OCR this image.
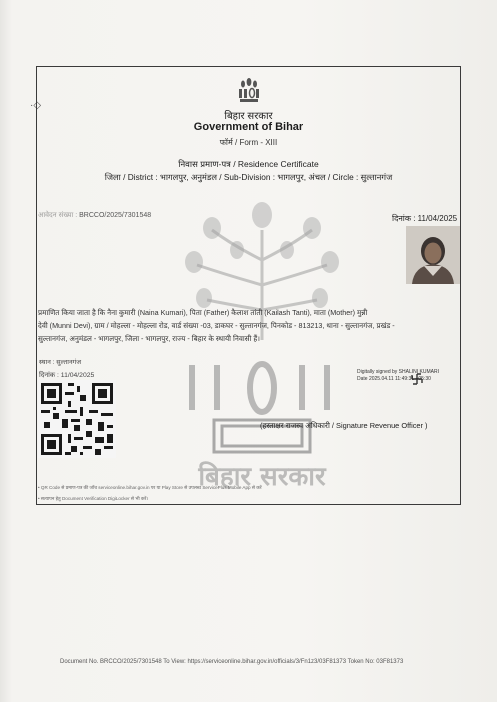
·◇
बिहार सरकार
बिहार सरकार
Government of Bihar
फॉर्म / Form - XIII
निवास प्रमाण-पत्र / Residence Certificate
जिला / District : भागलपुर, अनुमंडल / Sub-Division : भागलपुर, अंचल / Circle : सुल्तानगंज
आवेदन संख्या : BRCCO/2025/7301548	दिनांक : 11/04/2025
प्रमाणित किया जाता है कि नैना कुमारी (Naina Kumari), पिता (Father) कैलाश तांती (Kailash Tanti), माता (Mother) मुन्नी
देवी (Munni Devi), ग्राम / मोहल्ला - मोहल्ला रोड, वार्ड संख्या -03, डाकघर - सुल्तानगंज, पिनकोड - 813213, थाना - सुल्तानगंज, प्रखंड -
सुल्तानगंज, अनुमंडल - भागलपुर, जिला - भागलपुर, राज्य - बिहार के स्थायी निवासी हैं।
स्थान : सुल्तानगंज
दिनांक : 11/04/2025	Digitally signed by SHALINI KUMARI
Date 2025.04.11 11:49:31 +05:30
(हस्ताक्षर राजस्व अधिकारी / Signature Revenue Officer )
• QR Code से प्रमाण-पत्र की जाँच serviceonline.bihar.gov.in पर या Play Store से उपलब्ध ServicePlus Mobile App से करें
• सत्यापन हेतु Document Verification DigiLocker से भी करें।
Document No. BRCCO/2025/7301548 To View: https://serviceonline.bihar.gov.in/officials/3/Fn1z3/03F81373 Token No: 03F81373
